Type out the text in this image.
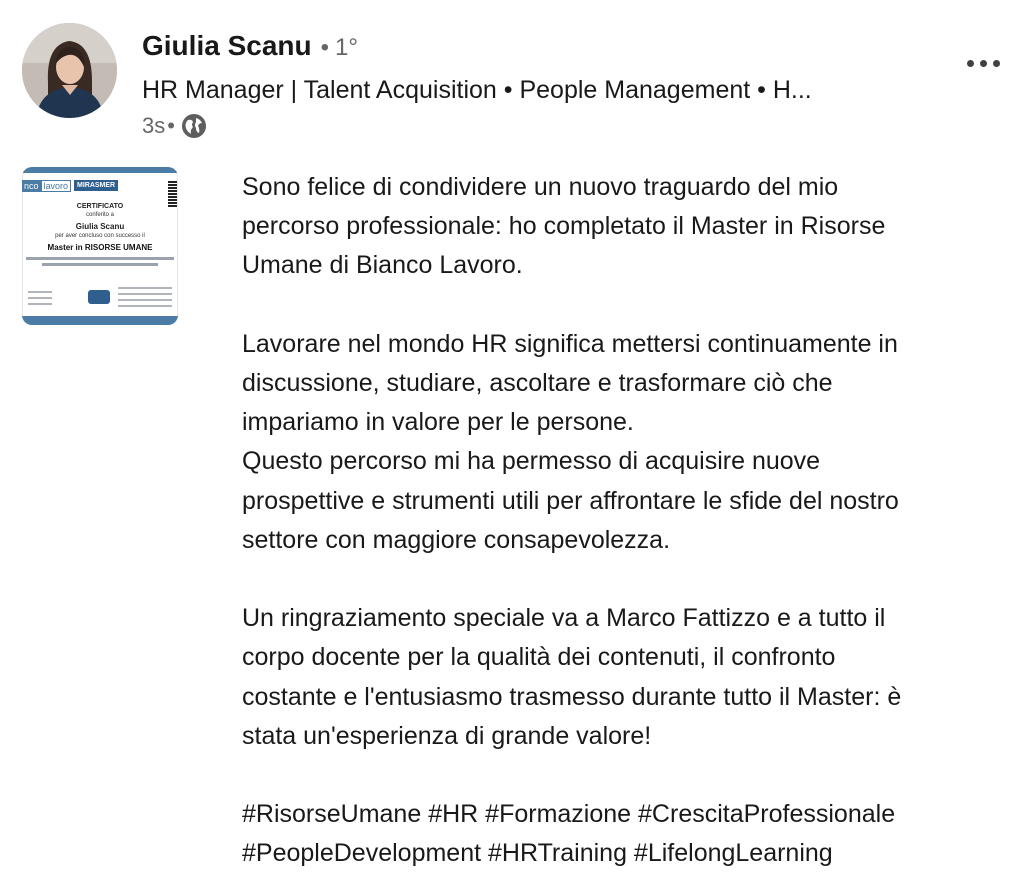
Giulia Scanu • 1°
HR Manager | Talent Acquisition • People Management • H...
3s •
nco lavoro	MIRASMER
CERTIFICATO
conferito a
Giulia Scanu
per aver concluso con successo il
Master in RISORSE UMANE

Sono felice di condividere un nuovo traguardo del mio

percorso professionale: ho completato il Master in Risorse

Umane di Bianco Lavoro.

Lavorare nel mondo HR significa mettersi continuamente in

discussione, studiare, ascoltare e trasformare ciò che

impariamo in valore per le persone.

Questo percorso mi ha permesso di acquisire nuove

prospettive e strumenti utili per affrontare le sfide del nostro

settore con maggiore consapevolezza.

Un ringraziamento speciale va a Marco Fattizzo e a tutto il

corpo docente per la qualità dei contenuti, il confronto

costante e l'entusiasmo trasmesso durante tutto il Master: è

stata un'esperienza di grande valore!

#RisorseUmane #HR #Formazione #CrescitaProfessionale

#PeopleDevelopment #HRTraining #LifelongLearning
